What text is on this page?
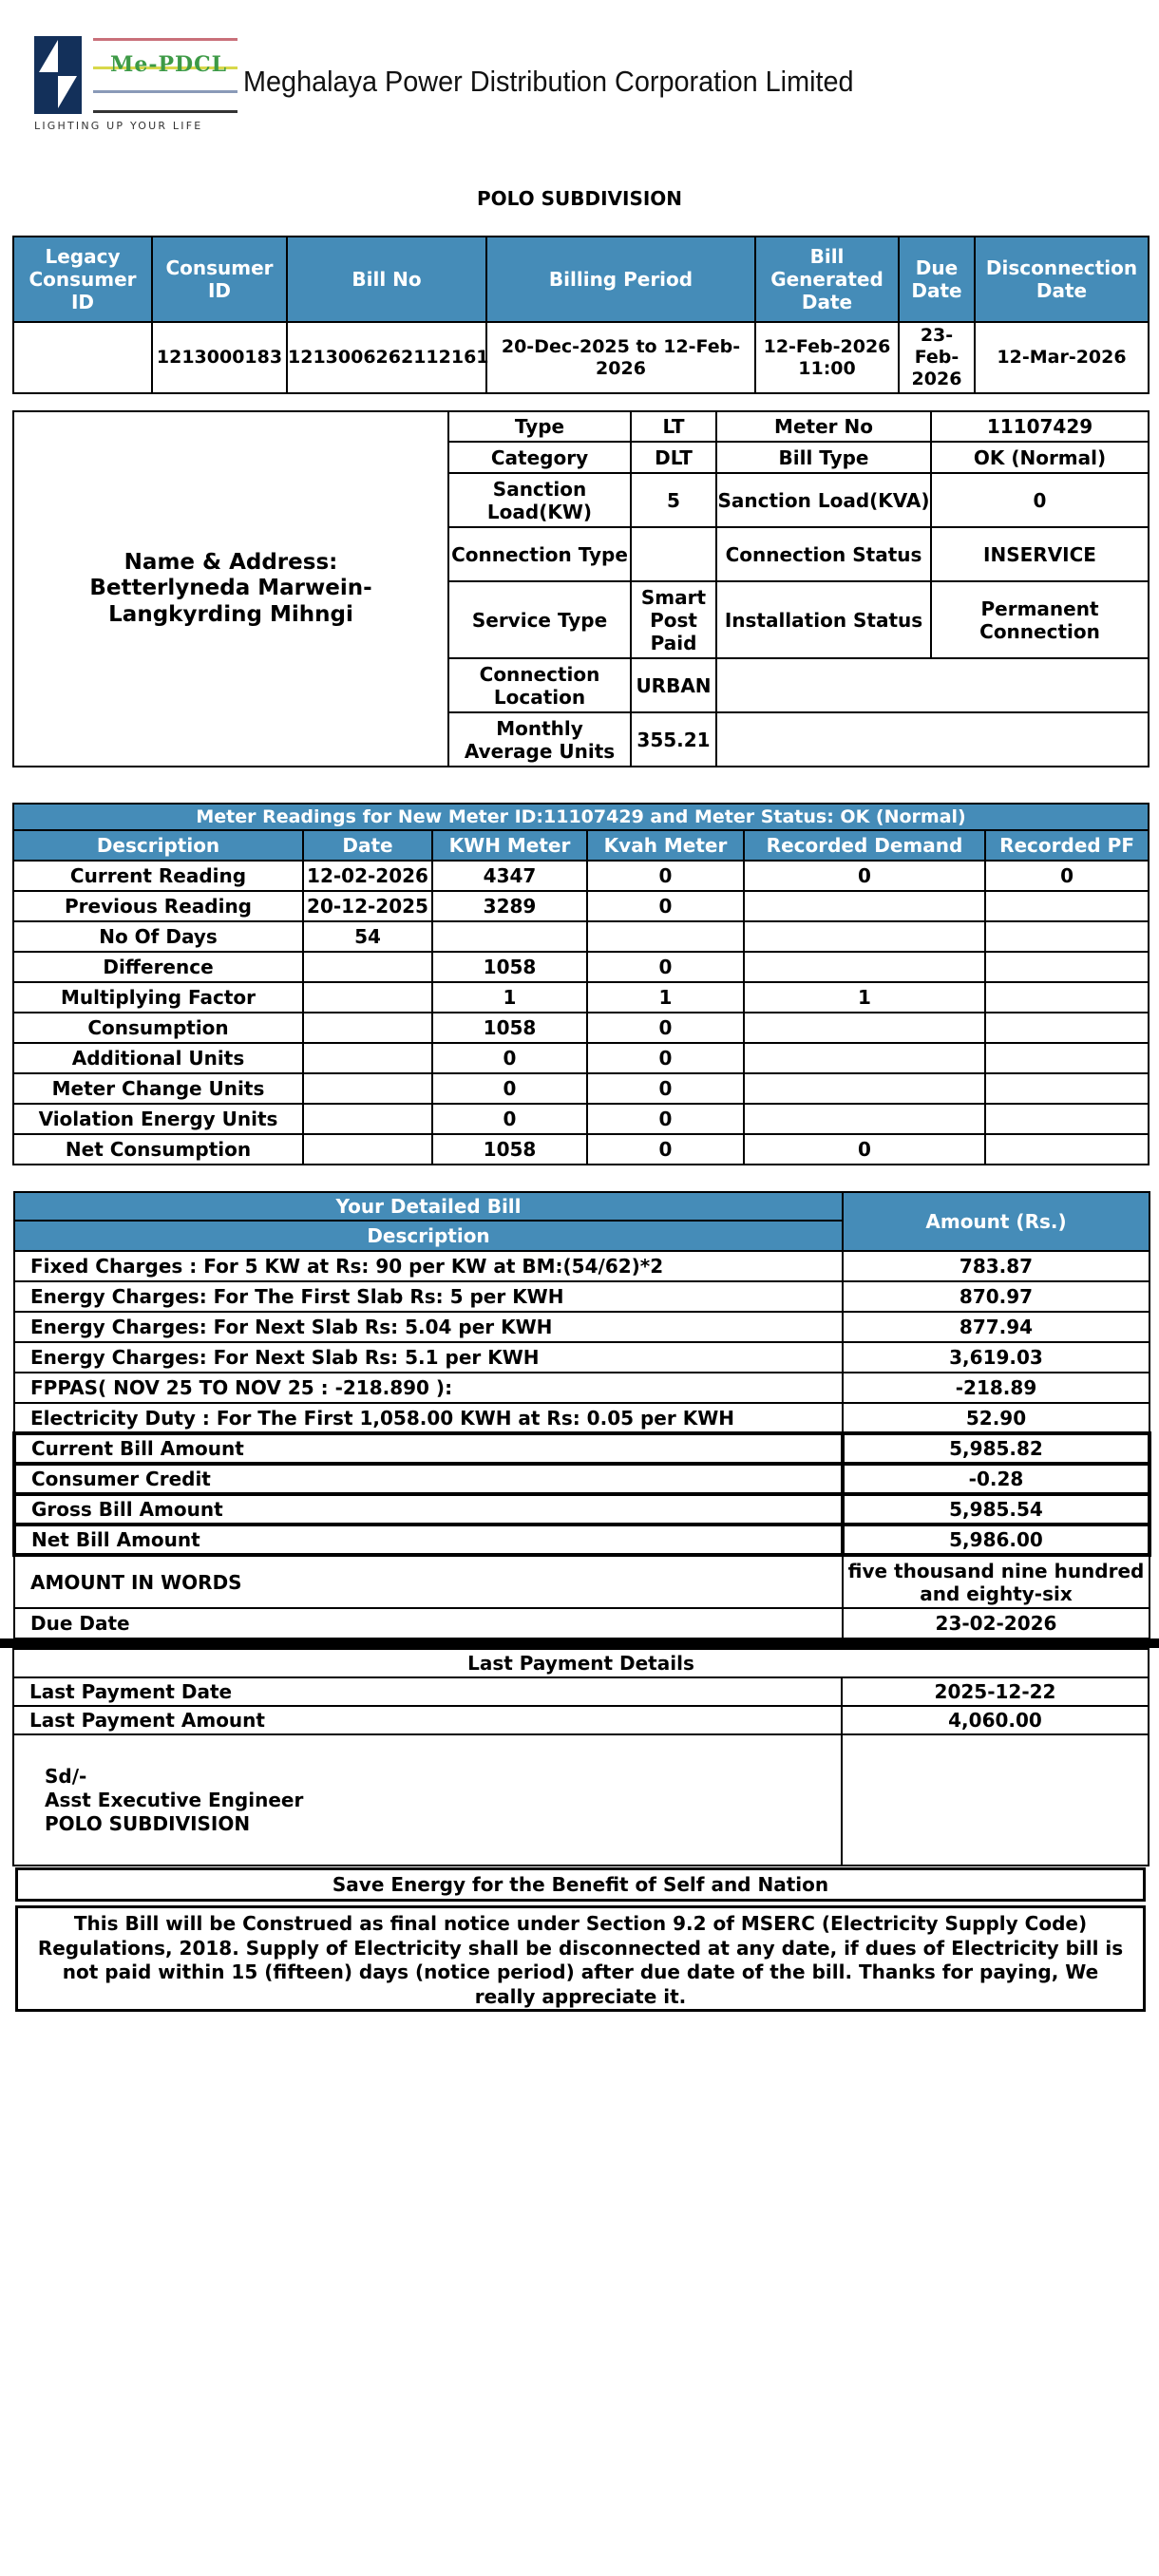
Me-PDCL
LIGHTING UP YOUR LIFE
Meghalaya Power Distribution Corporation Limited
POLO SUBDIVISION
Legacy Consumer ID	Consumer ID	Bill No	Billing Period	Bill Generated Date	Due Date	Disconnection Date
	1213000183	1213006262112161	20-Dec-2025 to 12-Feb-2026	12-Feb-2026 11:00	23-Feb-2026	12-Mar-2026
Name & Address: Betterlyneda Marwein-Langkyrding Mihngi	Type	LT	Meter No	11107429
	Category	DLT	Bill Type	OK (Normal)
	Sanction Load(KW)	5	Sanction Load(KVA)	0
	Connection Type		Connection Status	INSERVICE
	Service Type	Smart Post Paid	Installation Status	Permanent Connection
	Connection Location	URBAN		
	Monthly Average Units	355.21		
Meter Readings for New Meter ID:11107429 and Meter Status: OK (Normal)					
Description	Date	KWH Meter	Kvah Meter	Recorded Demand	Recorded PF
Current Reading	12-02-2026	4347	0	0	0
Previous Reading	20-12-2025	3289	0		
No Of Days	54				
Difference		1058	0		
Multiplying Factor		1	1	1	
Consumption		1058	0		
Additional Units		0	0		
Meter Change Units		0	0		
Violation Energy Units		0	0		
Net Consumption		1058	0	0	
Your Detailed Bill	Amount (Rs.)
Description	
Fixed Charges : For 5 KW at Rs: 90 per KW at BM:(54/62)*2	783.87
Energy Charges: For The First Slab Rs: 5 per KWH	870.97
Energy Charges: For Next Slab Rs: 5.04 per KWH	877.94
Energy Charges: For Next Slab Rs: 5.1 per KWH	3,619.03
FPPAS( NOV 25 TO NOV 25 : -218.890 ):	-218.89
Electricity Duty : For The First 1,058.00 KWH at Rs: 0.05 per KWH	52.90
Current Bill Amount	5,985.82
Consumer Credit	-0.28
Gross Bill Amount	5,985.54
Net Bill Amount	5,986.00
AMOUNT IN WORDS	five thousand nine hundred and eighty-six
Due Date	23-02-2026
Last Payment Details	
Last Payment Date	2025-12-22
Last Payment Amount	4,060.00

Sd/-
Asst Executive Engineer
POLO SUBDIVISION	

Save Energy for the Benefit of Self and Nation
This Bill will be Construed as final notice under Section 9.2 of MSERC (Electricity Supply Code) Regulations, 2018. Supply of Electricity shall be disconnected at any date, if dues of Electricity bill is not paid within 15 (fifteen) days (notice period) after due date of the bill. Thanks for paying, We really appreciate it.
